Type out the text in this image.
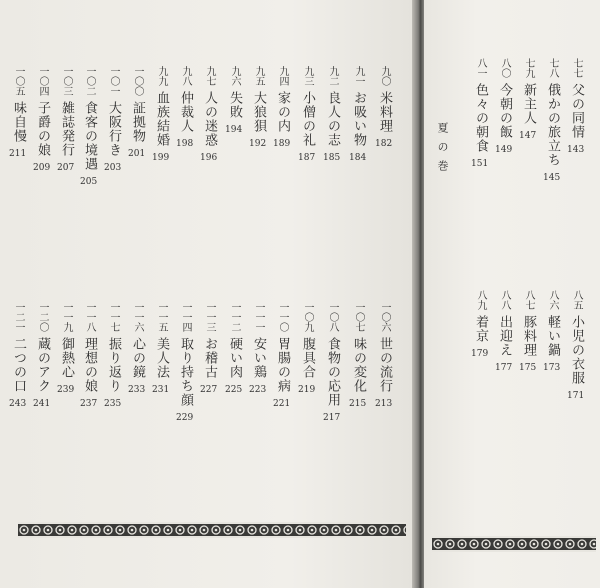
夏の巻
七七 父の同情
143
七八 俄かの旅立ち
145
七九 新主人
147
八〇 今朝の飯
149
八一 色々の朝食
151
八五 小児の衣服
171
八六 軽い鍋
173
八七 豚料理
175
八八 出迎え
177
八九 着京
179
九〇 米料理
182
九一 お吸い物
184
九二 良人の志
185
九三 小僧の礼
187
九四 家の内
189
九五 大狼狽
192
九六 失敗
194
九七 人の迷惑
196
九八 仲裁人
198
九九 血族結婚
199
一〇〇 証拠物
201
一〇一 大阪行き
203
一〇二 食客の境遇
205
一〇三 雑誌発行
207
一〇四 子爵の娘
209
一〇五 味自慢
211
一〇六 世の流行
213
一〇七 味の変化
215
一〇八 食物の応用
217
一〇九 腹具合
219
一一〇 胃腸の病
221
一一一 安い鶏
223
一一二 硬い肉
225
一一三 お稽古
227
一一四 取り持ち顔
229
一一五 美人法
231
一一六 心の鏡
233
一一七 振り返り
235
一一八 理想の娘
237
一一九 御熱心
239
一二〇 蔵のアク
241
一二一 二つの口
243
